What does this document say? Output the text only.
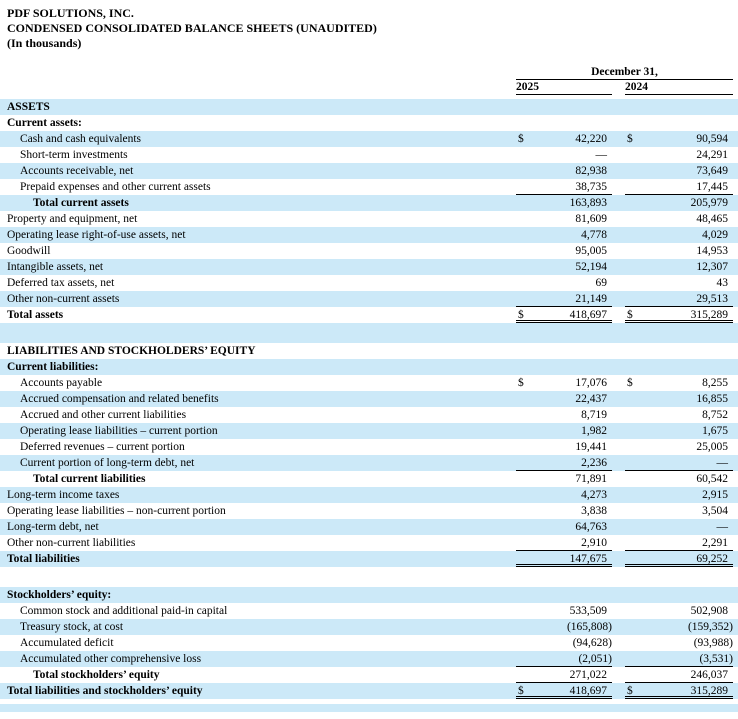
PDF SOLUTIONS, INC.
CONDENSED CONSOLIDATED BALANCE SHEETS (UNAUDITED)
(In thousands)
December 31,
2025	2024
ASSETS
Current assets:
Cash and cash equivalents	$	42,220	$	90,594
Short-term investments	—	24,291
Accounts receivable, net	82,938	73,649
Prepaid expenses and other current assets	38,735	17,445
Total current assets	163,893	205,979
Property and equipment, net	81,609	48,465
Operating lease right-of-use assets, net	4,778	4,029
Goodwill	95,005	14,953
Intangible assets, net	52,194	12,307
Deferred tax assets, net	69	43
Other non-current assets	21,149	29,513
Total assets	$	418,697	$	315,289
LIABILITIES AND STOCKHOLDERS’ EQUITY
Current liabilities:
Accounts payable	$	17,076	$	8,255
Accrued compensation and related benefits	22,437	16,855
Accrued and other current liabilities	8,719	8,752
Operating lease liabilities – current portion	1,982	1,675
Deferred revenues – current portion	19,441	25,005
Current portion of long-term debt, net	2,236	—
Total current liabilities	71,891	60,542
Long-term income taxes	4,273	2,915
Operating lease liabilities – non-current portion	3,838	3,504
Long-term debt, net	64,763	—
Other non-current liabilities	2,910	2,291
Total liabilities	147,675	69,252
Stockholders’ equity:
Common stock and additional paid-in capital	533,509	502,908
Treasury stock, at cost	(165,808)	(159,352)
Accumulated deficit	(94,628)	(93,988)
Accumulated other comprehensive loss	(2,051)	(3,531)
Total stockholders’ equity	271,022	246,037
Total liabilities and stockholders’ equity	$	418,697	$	315,289
